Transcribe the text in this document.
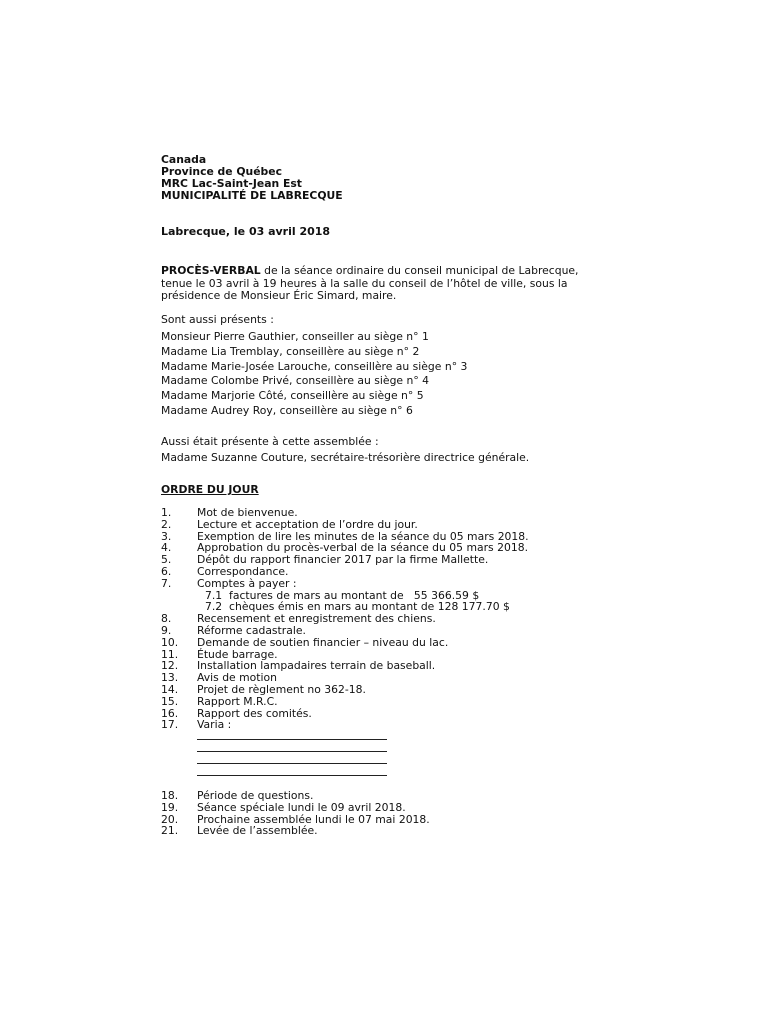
Canada
Province de Québec
MRC Lac-Saint-Jean Est
MUNICIPALITÉ DE LABRECQUE
Labrecque, le 03 avril 2018
PROCÈS-VERBAL de la séance ordinaire du conseil municipal de Labrecque,
tenue le 03 avril à 19 heures à la salle du conseil de l’hôtel de ville, sous la
présidence de Monsieur Éric Simard, maire.
Sont aussi présents :
Monsieur Pierre Gauthier, conseiller au siège n° 1
Madame Lia Tremblay, conseillère au siège n° 2
Madame Marie-Josée Larouche, conseillère au siège n° 3
Madame Colombe Privé, conseillère au siège n° 4
Madame Marjorie Côté, conseillère au siège n° 5
Madame Audrey Roy, conseillère au siège n° 6
Aussi était présente à cette assemblée :
Madame Suzanne Couture, secrétaire-trésorière directrice générale.
ORDRE DU JOUR
1.	Mot de bienvenue.
2.	Lecture et acceptation de l’ordre du jour.
3.	Exemption de lire les minutes de la séance du 05 mars 2018.
4.	Approbation du procès-verbal de la séance du 05 mars 2018.
5.	Dépôt du rapport financier 2017 par la firme Mallette.
6.	Correspondance.
7.	Comptes à payer :
7.1  factures de mars au montant de   55 366.59 $
7.2  chèques émis en mars au montant de 128 177.70 $
8.	Recensement et enregistrement des chiens.
9.	Réforme cadastrale.
10.	Demande de soutien financier – niveau du lac.
11.	Étude barrage.
12.	Installation lampadaires terrain de baseball.
13.	Avis de motion
14.	Projet de règlement no 362-18.
15.	Rapport M.R.C.
16.	Rapport des comités.
17.	Varia :
18.	Période de questions.
19.	Séance spéciale lundi le 09 avril 2018.
20.	Prochaine assemblée lundi le 07 mai 2018.
21.	Levée de l’assemblée.
